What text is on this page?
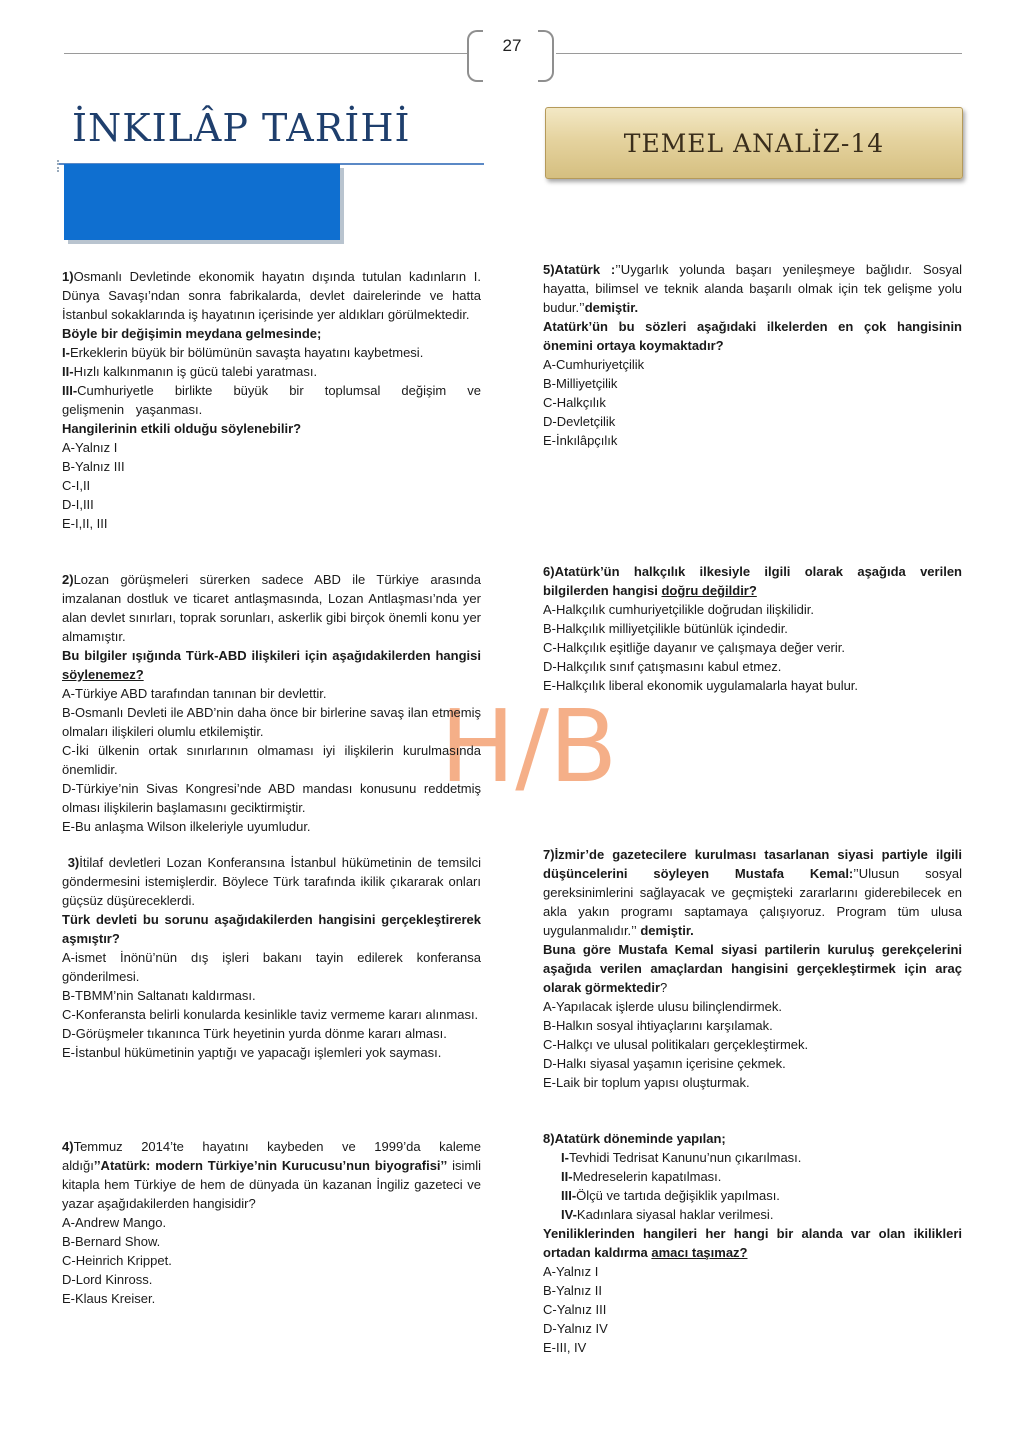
27
İNKILÂP TARİHİ	TEMEL ANALİZ-14
H/B

1)Osmanlı Devletinde ekonomik hayatın dışında tutulan kadınların I. Dünya Savaşı’ndan sonra fabrikalarda, devlet dairelerinde ve hatta İstanbul sokaklarında iş hayatının içerisinde yer aldıkları görülmektedir.

Böyle bir değişimin meydana gelmesinde;

I-Erkeklerin büyük bir bölümünün savaşta hayatını kaybetmesi.

II-Hızlı kalkınmanın iş gücü talebi yaratması.

III-Cumhuriyetle birlikte büyük bir toplumsal değişim ve gelişmenin yaşanması.

Hangilerinin etkili olduğu söylenebilir?

A-Yalnız I

B-Yalnız III

C-I,II

D-I,III

E-I,II, III

2)Lozan görüşmeleri sürerken sadece ABD ile Türkiye arasında imzalanan dostluk ve ticaret antlaşmasında, Lozan Antlaşması’nda yer alan devlet sınırları, toprak sorunları, askerlik gibi birçok önemli konu yer almamıştır.

Bu bilgiler ışığında Türk-ABD ilişkileri için aşağıdakilerden hangisi söylenemez?

A-Türkiye ABD tarafından tanınan bir devlettir.

B-Osmanlı Devleti ile ABD’nin daha önce bir birlerine savaş ilan etmemiş olmaları ilişkileri olumlu etkilemiştir.

C-İki ülkenin ortak sınırlarının olmaması iyi ilişkilerin kurulmasında önemlidir.

D-Türkiye’nin Sivas Kongresi’nde ABD mandası konusunu reddetmiş olması ilişkilerin başlamasını geciktirmiştir.

E-Bu anlaşma Wilson ilkeleriyle uyumludur.

3)İtilaf devletleri Lozan Konferansına İstanbul hükümetinin de temsilci göndermesini istemişlerdir. Böylece Türk tarafında ikilik çıkararak onları güçsüz düşüreceklerdi.

Türk devleti bu sorunu aşağıdakilerden hangisini gerçekleştirerek aşmıştır?

A-ismet İnönü’nün dış işleri bakanı tayin edilerek konferansa gönderilmesi.

B-TBMM’nin Saltanatı kaldırması.

C-Konferansta belirli konularda kesinlikle taviz vermeme kararı alınması.

D-Görüşmeler tıkanınca Türk heyetinin yurda dönme kararı alması.

E-İstanbul hükümetinin yaptığı ve yapacağı işlemleri yok sayması.

4)Temmuz 2014’te hayatını kaybeden ve 1999’da kaleme aldığı’’Atatürk: modern Türkiye’nin Kurucusu’nun biyografisi’’ isimli kitapla hem Türkiye de hem de dünyada ün kazanan İngiliz gazeteci ve yazar aşağıdakilerden hangisidir?

A-Andrew Mango.

B-Bernard Show.

C-Heinrich Krippet.

D-Lord Kinross.

E-Klaus Kreiser.

5)Atatürk :’’Uygarlık yolunda başarı yenileşmeye bağlıdır. Sosyal hayatta, bilimsel ve teknik alanda başarılı olmak için tek gelişme yolu budur.’’demiştir.

Atatürk’ün bu sözleri aşağıdaki ilkelerden en çok hangisinin önemini ortaya koymaktadır?

A-Cumhuriyetçilik

B-Milliyetçilik

C-Halkçılık

D-Devletçilik

E-İnkılâpçılık

6)Atatürk’ün halkçılık ilkesiyle ilgili olarak aşağıda verilen bilgilerden hangisi doğru değildir?

A-Halkçılık cumhuriyetçilikle doğrudan ilişkilidir.

B-Halkçılık milliyetçilikle bütünlük içindedir.

C-Halkçılık eşitliğe dayanır ve çalışmaya değer verir.

D-Halkçılık sınıf çatışmasını kabul etmez.

E-Halkçılık liberal ekonomik uygulamalarla hayat bulur.

7)İzmir’de gazetecilere kurulması tasarlanan siyasi partiyle ilgili düşüncelerini söyleyen Mustafa Kemal:’’Ulusun sosyal gereksinimlerini sağlayacak ve geçmişteki zararlarını giderebilecek en akla yakın programı saptamaya çalışıyoruz. Program tüm ulusa uygulanmalıdır.’’ demiştir.

Buna göre Mustafa Kemal siyasi partilerin kuruluş gerekçelerini aşağıda verilen amaçlardan hangisini gerçekleştirmek için araç olarak görmektedir?

A-Yapılacak işlerde ulusu bilinçlendirmek.

B-Halkın sosyal ihtiyaçlarını karşılamak.

C-Halkçı ve ulusal politikaları gerçekleştirmek.

D-Halkı siyasal yaşamın içerisine çekmek.

E-Laik bir toplum yapısı oluşturmak.

8)Atatürk döneminde yapılan;

I-Tevhidi Tedrisat Kanunu’nun çıkarılması.

II-Medreselerin kapatılması.

III-Ölçü ve tartıda değişiklik yapılması.

IV-Kadınlara siyasal haklar verilmesi.

Yeniliklerinden hangileri her hangi bir alanda var olan ikilikleri ortadan kaldırma amacı taşımaz?

A-Yalnız I

B-Yalnız II

C-Yalnız III

D-Yalnız IV

E-III, IV
